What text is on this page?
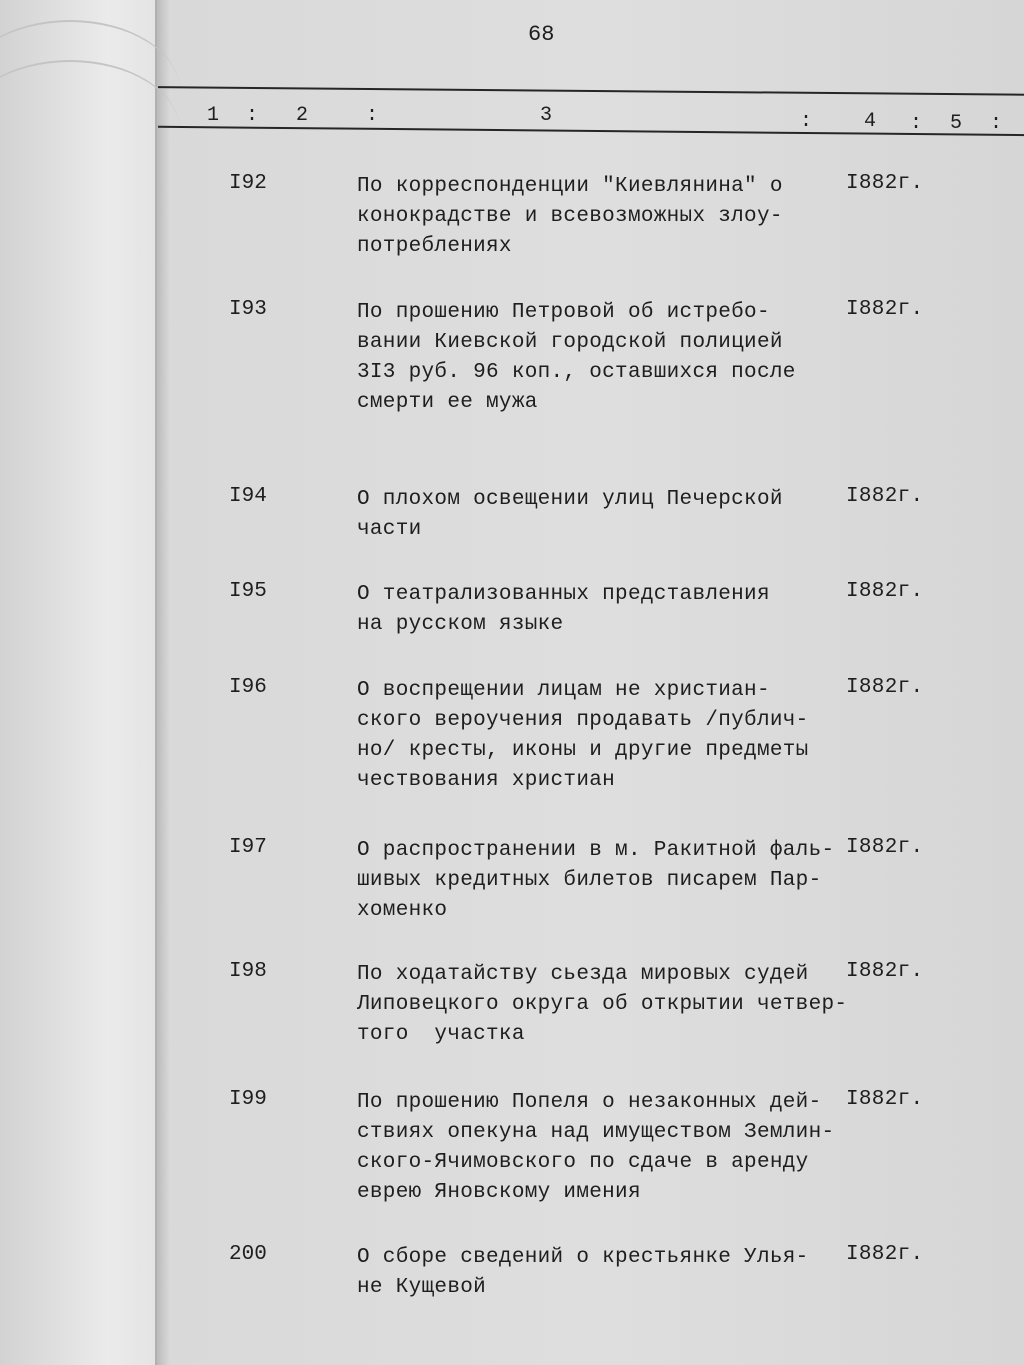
68
1 : 2	:	3	:	4 : 5 :
I92	По корреспонденции "Киевлянина" о
конокрадстве и всевозможных злоу-
потреблениях
I882г.
I93	По прошению Петровой об истребо-
вании Киевской городской полицией
3I3 руб. 96 коп., оставшихся после
смерти ее мужа
I882г.
I94	О плохом освещении улиц Печерской
части
I882г.
I95	О театрализованных представления
на русском языке
I882г.
I96	О воспрещении лицам не христиан-
ского вероучения продавать /публич-
но/ кресты, иконы и другие предметы
чествования христиан
I882г.
I97	О распространении в м. Ракитной фаль-
шивых кредитных билетов писарем Пар-
хоменко
I882г.
I98	По ходатайству сьезда мировых судей
Липовецкого округа об открытии четвер-
того  участка
I882г.
I99	По прошению Попеля о незаконных дей-
ствиях опекуна над имуществом Землин-
ского-Ячимовского по сдаче в аренду
еврею Яновскому имения
I882г.
200	О сборе сведений о крестьянке Улья-
не Кущевой
I882г.
